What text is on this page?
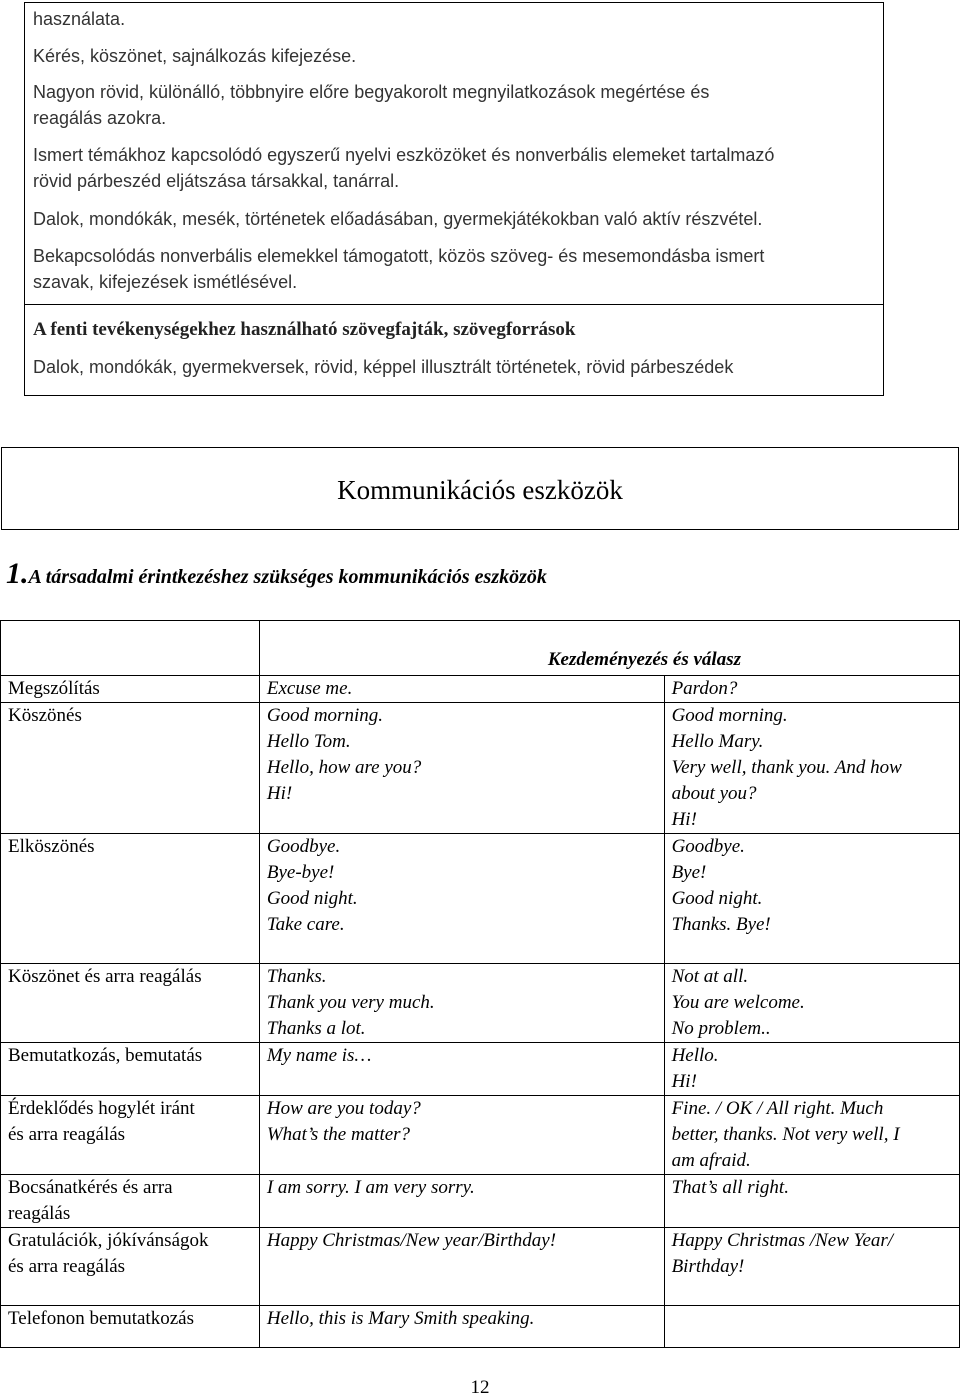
használata.

Kérés, köszönet, sajnálkozás kifejezése.

Nagyon rövid, különálló, többnyire előre begyakorolt megnyilatkozások megértése és
reagálás azokra.

Ismert témákhoz kapcsolódó egyszerű nyelvi eszközöket és nonverbális elemeket tartalmazó
rövid párbeszéd eljátszása társakkal, tanárral.

Dalok, mondókák, mesék, történetek előadásában, gyermekjátékokban való aktív részvétel.

Bekapcsolódás nonverbális elemekkel támogatott, közös szöveg- és mesemondásba ismert
szavak, kifejezések ismétlésével.

A fenti tevékenységekhez használható szövegfajták, szövegforrások

Dalok, mondókák, gyermekversek, rövid, képpel illusztrált történetek, rövid párbeszédek

Kommunikációs eszközök
1.A társadalmi érintkezéshez szükséges kommunikációs eszközök
	Kezdeményezés és válasz	

Megszólítás	Excuse me.	Pardon?

Köszönés	Good morning.
Hello Tom.
Hello, how are you?
Hi!	Good morning.
Hello Mary.
Very well, thank you. And how
about you?
Hi!

Elköszönés	Goodbye.
Bye-bye!
Good night.
Take care.	Goodbye.
Bye!
Good night.
Thanks. Bye!

Köszönet és arra reagálás	Thanks.
Thank you very much.
Thanks a lot.	Not at all.
You are welcome.
No problem..

Bemutatkozás, bemutatás	My name is…	Hello.
Hi!

Érdeklődés hogylét iránt
és arra reagálás	How are you today?
What’s the matter?	Fine. / OK / All right. Much
better, thanks. Not very well, I
am afraid.

Bocsánatkérés és arra
reagálás	I am sorry. I am very sorry.	That’s all right.

Gratulációk, jókívánságok
és arra reagálás	Happy Christmas/New year/Birthday!	Happy Christmas /New Year/
Birthday!

Telefonon bemutatkozás	Hello, this is Mary Smith speaking.	

12
